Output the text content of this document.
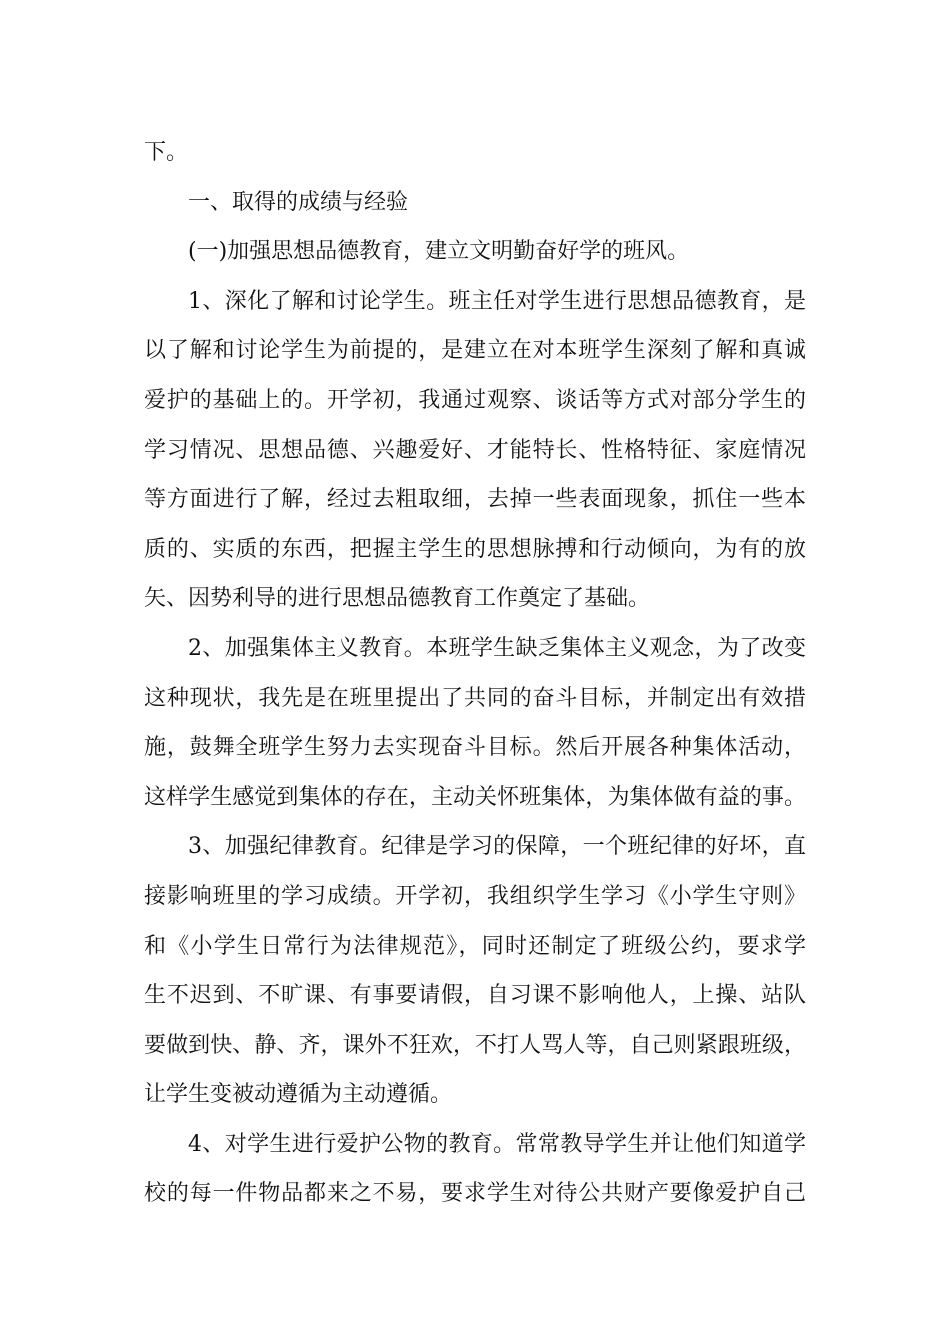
下。
一、取得的成绩与经验
(一)加强思想品德教育，建立文明勤奋好学的班风。
1、深化了解和讨论学生。班主任对学生进行思想品德教育，是
以了解和讨论学生为前提的，是建立在对本班学生深刻了解和真诚
爱护的基础上的。开学初，我通过观察、谈话等方式对部分学生的
学习情况、思想品德、兴趣爱好、才能特长、性格特征、家庭情况
等方面进行了解，经过去粗取细，去掉一些表面现象，抓住一些本
质的、实质的东西，把握主学生的思想脉搏和行动倾向，为有的放
矢、因势利导的进行思想品德教育工作奠定了基础。
2、加强集体主义教育。本班学生缺乏集体主义观念，为了改变
这种现状，我先是在班里提出了共同的奋斗目标，并制定出有效措
施，鼓舞全班学生努力去实现奋斗目标。然后开展各种集体活动，
这样学生感觉到集体的存在，主动关怀班集体，为集体做有益的事。
3、加强纪律教育。纪律是学习的保障，一个班纪律的好坏，直
接影响班里的学习成绩。开学初，我组织学生学习《小学生守则》
和《小学生日常行为法律规范》，同时还制定了班级公约，要求学
生不迟到、不旷课、有事要请假，自习课不影响他人，上操、站队
要做到快、静、齐，课外不狂欢，不打人骂人等，自己则紧跟班级，
让学生变被动遵循为主动遵循。
4、对学生进行爱护公物的教育。常常教导学生并让他们知道学
校的每一件物品都来之不易，要求学生对待公共财产要像爱护自己
